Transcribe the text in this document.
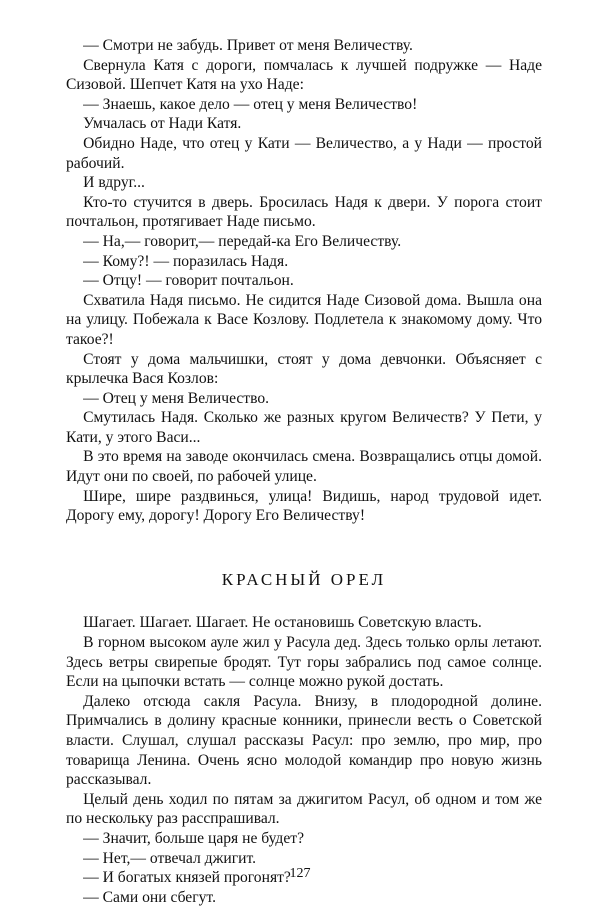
— Смотри не забудь. Привет от меня Величеству.

Свернула Катя с дороги, помчалась к лучшей подружке — Наде Сизовой. Шепчет Катя на ухо Наде:

— Знаешь, какое дело — отец у меня Величество!

Умчалась от Нади Катя.

Обидно Наде, что отец у Кати — Величество, а у Нади — простой рабочий.

И вдруг...

Кто-то стучится в дверь. Бросилась Надя к двери. У порога стоит почтальон, протягивает Наде письмо.

— На,— говорит,— передай-ка Его Величеству.

— Кому?! — поразилась Надя.

— Отцу! — говорит почтальон.

Схватила Надя письмо. Не сидится Наде Сизовой дома. Вышла она на улицу. Побежала к Васе Козлову. Подлетела к знакомому дому. Что такое?!

Стоят у дома мальчишки, стоят у дома девчонки. Объясняет с крылечка Вася Козлов:

— Отец у меня Величество.

Смутилась Надя. Сколько же разных кругом Величеств? У Пети, у Кати, у этого Васи...

В это время на заводе окончилась смена. Возвращались отцы домой. Идут они по своей, по рабочей улице.

Шире, шире раздвинься, улица! Видишь, народ трудовой идет. Дорогу ему, дорогу! Дорогу Его Величеству!

КРАСНЫЙ ОРЕЛ

Шагает. Шагает. Шагает. Не остановишь Советскую власть.

В горном высоком ауле жил у Расула дед. Здесь только орлы летают. Здесь ветры свирепые бродят. Тут горы забрались под самое солнце. Если на цыпочки встать — солнце можно рукой достать.

Далеко отсюда сакля Расула. Внизу, в плодородной долине. Примчались в долину красные конники, принесли весть о Советской власти. Слушал, слушал рассказы Расул: про землю, про мир, про товарища Ленина. Очень ясно молодой командир про новую жизнь рассказывал.

Целый день ходил по пятам за джигитом Расул, об одном и том же по нескольку раз расспрашивал.

— Значит, больше царя не будет?

— Нет,— отвечал джигит.

— И богатых князей прогонят?

— Сами они сбегут.

127
